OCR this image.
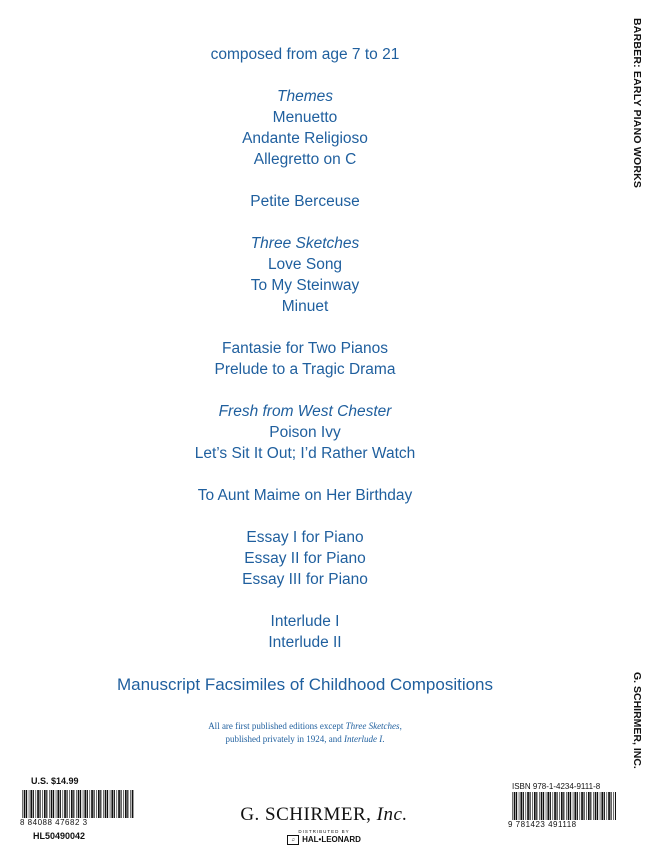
BARBER: EARLY PIANO WORKS
G. SCHIRMER, INC.
composed from age 7 to 21
Themes
Menuetto
Andante Religioso
Allegretto on C
Petite Berceuse
Three Sketches
Love Song
To My Steinway
Minuet
Fantasie for Two Pianos
Prelude to a Tragic Drama
Fresh from West Chester
Poison Ivy
Let’s Sit It Out; I’d Rather Watch
To Aunt Maime on Her Birthday
Essay I for Piano
Essay II for Piano
Essay III for Piano
Interlude I
Interlude II
Manuscript Facsimiles of Childhood Compositions
All are first published editions except Three Sketches,
published privately in 1924, and Interlude I.
U.S. $14.99
8 84088 47682 3
HL50490042
ISBN 978-1-4234-9111-8
9 781423 491118
G. SCHIRMER, Inc.
DISTRIBUTED BY
♫ HAL•LEONARD
